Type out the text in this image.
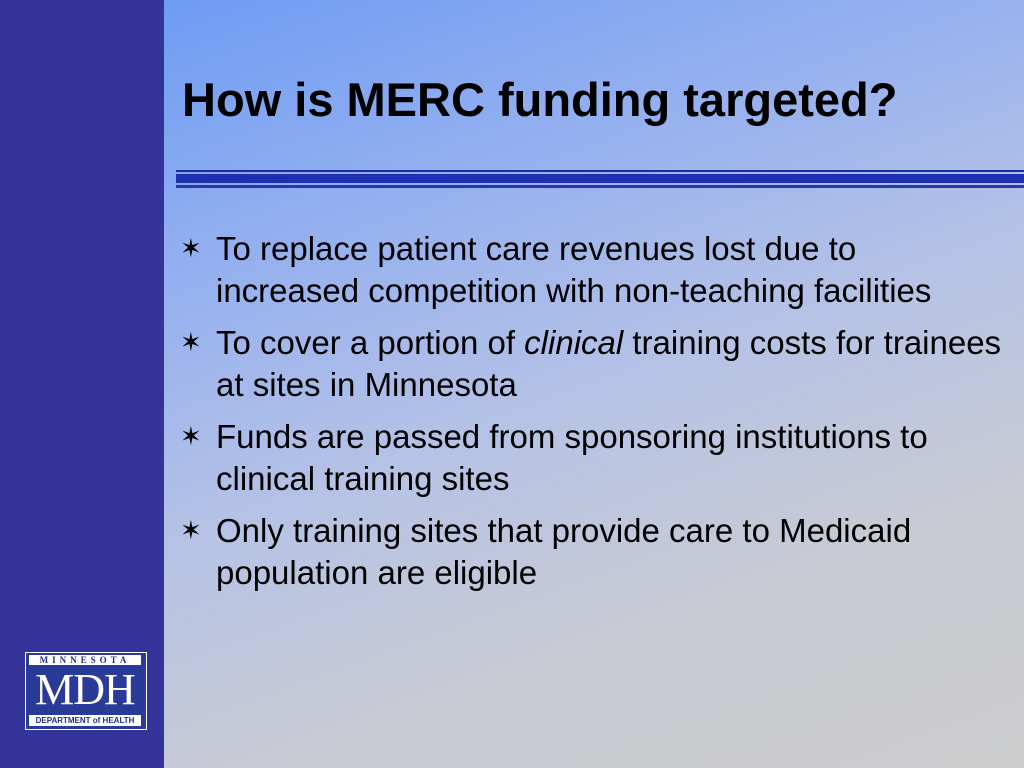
How is MERC funding targeted?
✶ To replace patient care revenues lost due to increased competition with non-teaching facilities
✶ To cover a portion of clinical training costs for trainees at sites in Minnesota
✶ Funds are passed from sponsoring institutions to clinical training sites
✶ Only training sites that provide care to Medicaid population are eligible
MINNESOTA
MDH
DEPARTMENT of HEALTH
